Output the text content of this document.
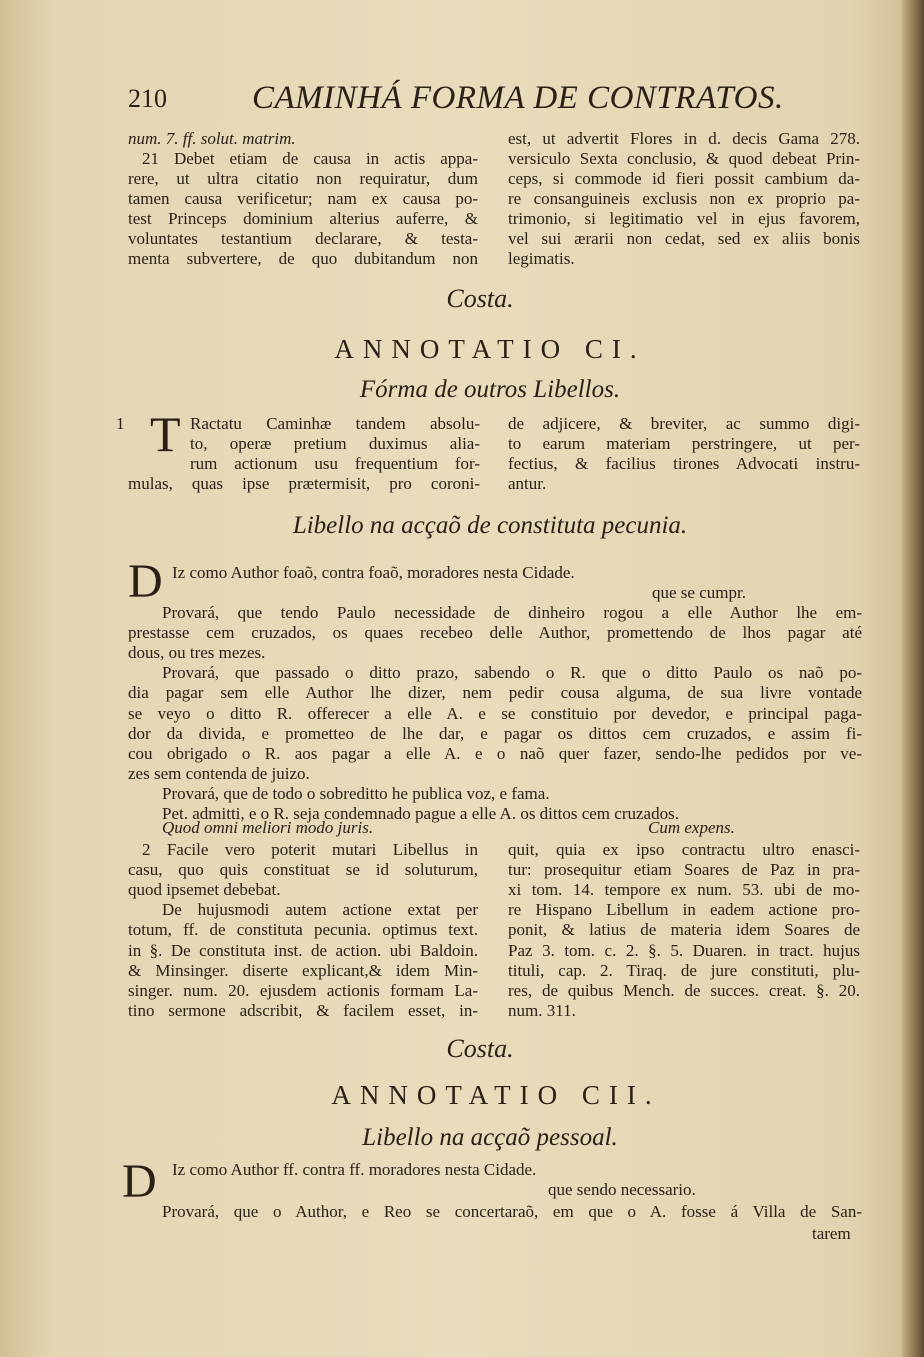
210	CAMINHÁ FORMA DE CONTRATOS.
num. 7. ff. solut. matrim.
21 Debet etiam de causa in actis appa-
rere, ut ultra citatio non requiratur, dum
tamen causa verificetur; nam ex causa po-
test Princeps dominium alterius auferre, &
voluntates testantium declarare, & testa-
menta subvertere, de quo dubitandum non
est, ut advertit Flores in d. decis Gama 278.
versiculo Sexta conclusio, & quod debeat Prin-
ceps, si commode id fieri possit cambium da-
re consanguineis exclusis non ex proprio pa-
trimonio, si legitimatio vel in ejus favorem,
vel sui ærarii non cedat, sed ex aliis bonis
legimatis.
Costa.
ANNOTATIO CI.
Fórma de outros Libellos.
1 T Ractatu Caminhæ tandem absolu-
to, operæ pretium duximus alia-
rum actionum usu frequentium for-
mulas, quas ipse prætermisit, pro coroni-
de adjicere, & breviter, ac summo digi-
to earum materiam perstringere, ut per-
fectius, & facilius tirones Advocati instru-
antur.
Libello na acçaõ de constituta pecunia.
D Iz como Author foaõ, contra foaõ, moradores nesta Cidade.
que se cumpr.
Provará, que tendo Paulo necessidade de dinheiro rogou a elle Author lhe em-
prestasse cem cruzados, os quaes recebeo delle Author, promettendo de lhos pagar até
dous, ou tres mezes.
Provará, que passado o ditto prazo, sabendo o R. que o ditto Paulo os naõ po-
dia pagar sem elle Author lhe dizer, nem pedir cousa alguma, de sua livre vontade
se veyo o ditto R. offerecer a elle A. e se constituio por devedor, e principal paga-
dor da divida, e prometteo de lhe dar, e pagar os dittos cem cruzados, e assim fi-
cou obrigado o R. aos pagar a elle A. e o naõ quer fazer, sendo-lhe pedidos por ve-
zes sem contenda de juizo.
Provará, que de todo o sobreditto he publica voz, e fama.
Pet. admitti, e o R. seja condemnado pague a elle A. os dittos cem cruzados.
Quod omni meliori modo juris.	Cum expens.
2 Facile vero poterit mutari Libellus in
casu, quo quis constituat se id soluturum,
quod ipsemet debebat.
De hujusmodi autem actione extat per
totum, ff. de constituta pecunia. optimus text.
in §. De constituta inst. de action. ubi Baldoin.
& Minsinger. diserte explicant,& idem Min-
singer. num. 20. ejusdem actionis formam La-
tino sermone adscribit, & facilem esset, in-
quit, quia ex ipso contractu ultro enasci-
tur: prosequitur etiam Soares de Paz in pra-
xi tom. 14. tempore ex num. 53. ubi de mo-
re Hispano Libellum in eadem actione pro-
ponit, & latius de materia idem Soares de
Paz 3. tom. c. 2. §. 5. Duaren. in tract. hujus
tituli, cap. 2. Tiraq. de jure constituti, plu-
res, de quibus Mench. de succes. creat. §. 20.
num. 311.
Costa.
ANNOTATIO CII.
Libello na acçaõ pessoal.
D Iz como Author ff. contra ff. moradores nesta Cidade.
que sendo necessario.
Provará, que o Author, e Reo se concertaraõ, em que o A. fosse á Villa de San-
tarem
